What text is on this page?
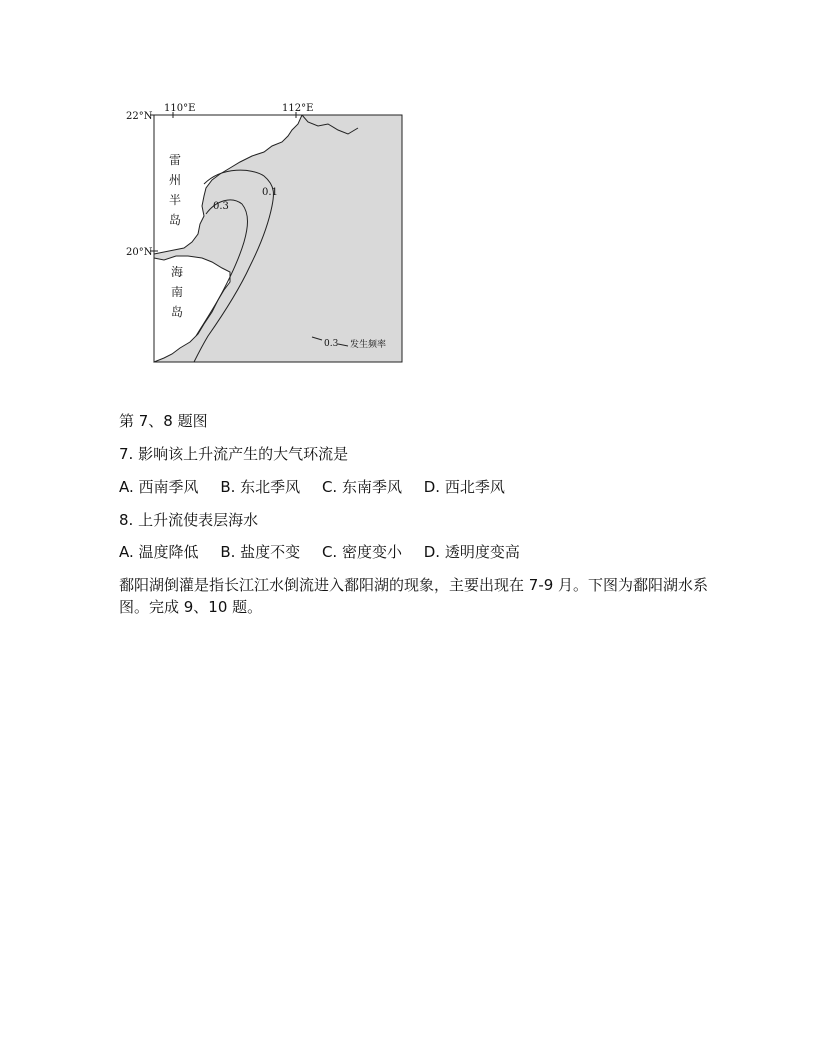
22°N
20°N
110°E	112°E
雷
州
半
岛
海
南
岛
0.1
0.3
0.3 发生频率
第 7、8 题图
7. 影响该上升流产生的大气环流是
A. 西南季风 B. 东北季风 C. 东南季风 D. 西北季风
8. 上升流使表层海水
A. 温度降低 B. 盐度不变 C. 密度变小 D. 透明度变高
鄱阳湖倒灌是指长江江水倒流进入鄱阳湖的现象，主要出现在 7-9 月。下图为鄱阳湖水系图。完成 9、10 题。
